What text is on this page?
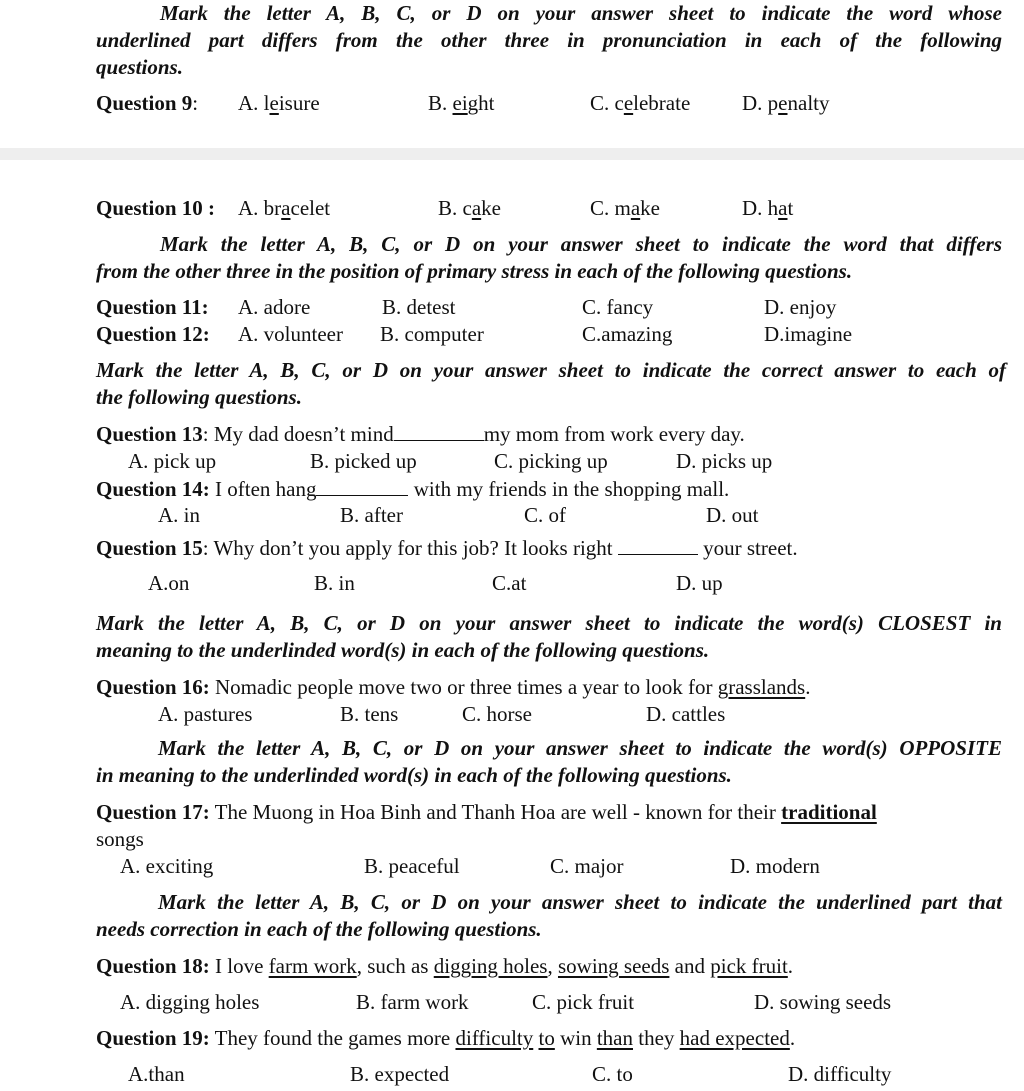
Mark the letter A, B, C, or D on your answer sheet to indicate the word whose
underlined part differs from the other three in pronunciation in each of the following
questions.
Question 9: A. leisure	B. eight	C. celebrate D. penalty
Question 10 : A. bracelet	B. cake	C. make	D. hat
Mark the letter A, B, C, or D on your answer sheet to indicate the word that differs
from the other three in the position of primary stress in each of the following questions.
Question 11: A. adore	B. detest	C. fancy	D. enjoy
Question 12: A. volunteer B. computer	C.amazing	D.imagine
Mark the letter A, B, C, or D on your answer sheet to indicate the correct answer to each of
the following questions.
Question 13: My dad doesn’t mind	my mom from work every day.
A. pick up	B. picked up	C. picking up	D. picks up
Question 14: I often hang	with my friends in the shopping mall.
A. in	B. after	C. of	D. out
Question 15: Why don’t you apply for this job? It looks right	your street.
A.on	B. in	C.at	D. up
Mark the letter A, B, C, or D on your answer sheet to indicate the word(s) CLOSEST in
meaning to the underlinded word(s) in each of the following questions.
Question 16: Nomadic people move two or three times a year to look for grasslands.
A. pastures	B. tens	C. horse	D. cattles
Mark the letter A, B, C, or D on your answer sheet to indicate the word(s) OPPOSITE
in meaning to the underlinded word(s) in each of the following questions.
Question 17: The Muong in Hoa Binh and Thanh Hoa are well - known for their traditional
songs
A. exciting	B. peaceful	C. major	D. modern
Mark the letter A, B, C, or D on your answer sheet to indicate the underlined part that
needs correction in each of the following questions.
Question 18: I love farm work, such as digging holes, sowing seeds and pick fruit.
A. digging holes	B. farm work	C. pick fruit	D. sowing seeds
Question 19: They found the games more difficulty to win than they had expected.
A.than	B. expected	C. to	D. difficulty
